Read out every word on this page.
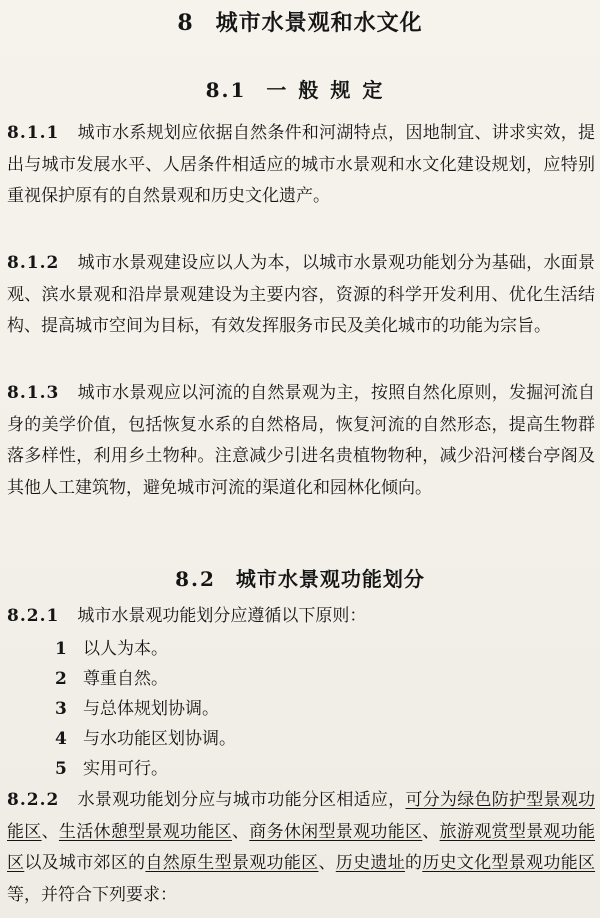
8 城市水景观和水文化
8.1 一般规定
8.1.1 城市水系规划应依据自然条件和河湖特点，因地制宜、讲求实效，提出与城市发展水平、人居条件相适应的城市水景观和水文化建设规划，应特别重视保护原有的自然景观和历史文化遗产。
8.1.2 城市水景观建设应以人为本，以城市水景观功能划分为基础，水面景观、滨水景观和沿岸景观建设为主要内容，资源的科学开发利用、优化生活结构、提高城市空间为目标，有效发挥服务市民及美化城市的功能为宗旨。
8.1.3 城市水景观应以河流的自然景观为主，按照自然化原则，发掘河流自身的美学价值，包括恢复水系的自然格局，恢复河流的自然形态，提高生物群落多样性，利用乡土物种。注意减少引进名贵植物物种，减少沿河楼台亭阁及其他人工建筑物，避免城市河流的渠道化和园林化倾向。
8.2 城市水景观功能划分
8.2.1 城市水景观功能划分应遵循以下原则：
1 以人为本。
2 尊重自然。
3 与总体规划协调。
4 与水功能区划协调。
5 实用可行。
8.2.2 水景观功能划分应与城市功能分区相适应，可分为绿色防护型景观功能区、生活休憩型景观功能区、商务休闲型景观功能区、旅游观赏型景观功能区以及城市郊区的自然原生型景观功能区、历史遗址的历史文化型景观功能区等，并符合下列要求：
